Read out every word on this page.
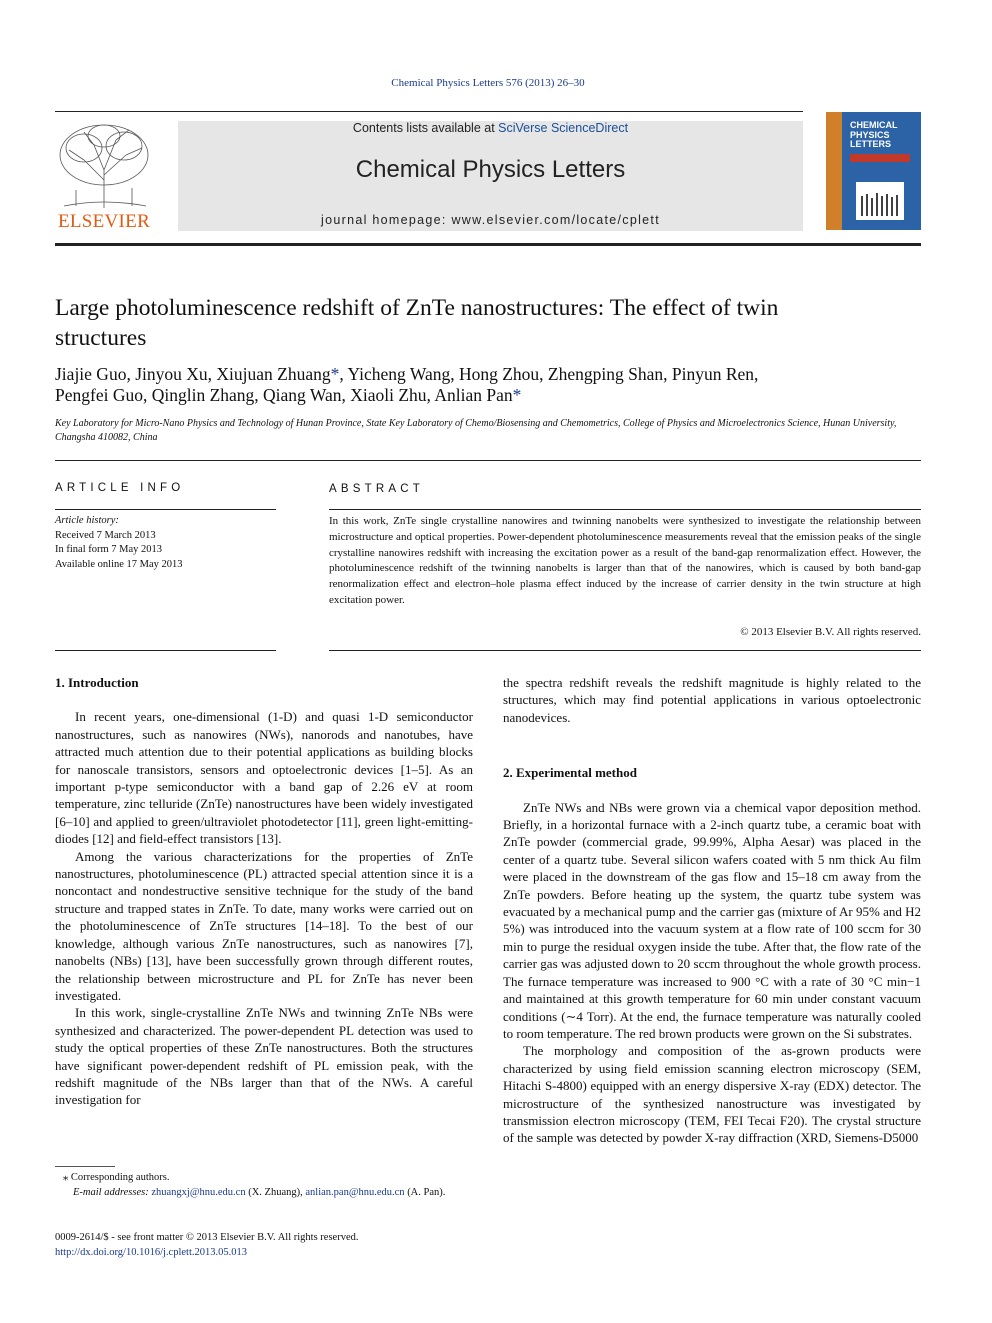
Chemical Physics Letters 576 (2013) 26–30
ELSEVIER
Contents lists available at SciVerse ScienceDirect
Chemical Physics Letters
journal homepage: www.elsevier.com/locate/cplett
CHEMICAL
PHYSICS
LETTERS
Large photoluminescence redshift of ZnTe nanostructures: The effect of twin structures
Jiajie Guo, Jinyou Xu, Xiujuan Zhuang*, Yicheng Wang, Hong Zhou, Zhengping Shan, Pinyun Ren,
Pengfei Guo, Qinglin Zhang, Qiang Wan, Xiaoli Zhu, Anlian Pan*
Key Laboratory for Micro-Nano Physics and Technology of Hunan Province, State Key Laboratory of Chemo/Biosensing and Chemometrics, College of Physics and Microelectronics Science, Hunan University, Changsha 410082, China
ARTICLE INFO
Article history:
Received 7 March 2013
In final form 7 May 2013
Available online 17 May 2013
ABSTRACT
In this work, ZnTe single crystalline nanowires and twinning nanobelts were synthesized to investigate the relationship between microstructure and optical properties. Power-dependent photoluminescence measurements reveal that the emission peaks of the single crystalline nanowires redshift with increasing the excitation power as a result of the band-gap renormalization effect. However, the photoluminescence redshift of the twinning nanobelts is larger than that of the nanowires, which is caused by both band-gap renormalization effect and electron–hole plasma effect induced by the increase of carrier density in the twin structure at high excitation power.
© 2013 Elsevier B.V. All rights reserved.
1. Introduction

In recent years, one-dimensional (1-D) and quasi 1-D semiconductor nanostructures, such as nanowires (NWs), nanorods and nanotubes, have attracted much attention due to their potential applications as building blocks for nanoscale transistors, sensors and optoelectronic devices [1–5]. As an important p-type semiconductor with a band gap of 2.26 eV at room temperature, zinc telluride (ZnTe) nanostructures have been widely investigated [6–10] and applied to green/ultraviolet photodetector [11], green light-emitting-diodes [12] and field-effect transistors [13].

Among the various characterizations for the properties of ZnTe nanostructures, photoluminescence (PL) attracted special attention since it is a noncontact and nondestructive sensitive technique for the study of the band structure and trapped states in ZnTe. To date, many works were carried out on the photoluminescence of ZnTe structures [14–18]. To the best of our knowledge, although various ZnTe nanostructures, such as nanowires [7], nanobelts (NBs) [13], have been successfully grown through different routes, the relationship between microstructure and PL for ZnTe has never been investigated.

In this work, single-crystalline ZnTe NWs and twinning ZnTe NBs were synthesized and characterized. The power-dependent PL detection was used to study the optical properties of these ZnTe nanostructures. Both the structures have significant power-dependent redshift of PL emission peak, with the redshift magnitude of the NBs larger than that of the NWs. A careful investigation for

⁎ Corresponding authors.
E-mail addresses: zhuangxj@hnu.edu.cn (X. Zhuang), anlian.pan@hnu.edu.cn (A. Pan).
0009-2614/$ - see front matter © 2013 Elsevier B.V. All rights reserved.
http://dx.doi.org/10.1016/j.cplett.2013.05.013

the spectra redshift reveals the redshift magnitude is highly related to the structures, which may find potential applications in various optoelectronic nanodevices.

2. Experimental method

ZnTe NWs and NBs were grown via a chemical vapor deposition method. Briefly, in a horizontal furnace with a 2-inch quartz tube, a ceramic boat with ZnTe powder (commercial grade, 99.99%, Alpha Aesar) was placed in the center of a quartz tube. Several silicon wafers coated with 5 nm thick Au film were placed in the downstream of the gas flow and 15–18 cm away from the ZnTe powders. Before heating up the system, the quartz tube system was evacuated by a mechanical pump and the carrier gas (mixture of Ar 95% and H2 5%) was introduced into the vacuum system at a flow rate of 100 sccm for 30 min to purge the residual oxygen inside the tube. After that, the flow rate of the carrier gas was adjusted down to 20 sccm throughout the whole growth process. The furnace temperature was increased to 900 °C with a rate of 30 °C min−1 and maintained at this growth temperature for 60 min under constant vacuum conditions (∼4 Torr). At the end, the furnace temperature was naturally cooled to room temperature. The red brown products were grown on the Si substrates.

The morphology and composition of the as-grown products were characterized by using field emission scanning electron microscopy (SEM, Hitachi S-4800) equipped with an energy dispersive X-ray (EDX) detector. The microstructure of the synthesized nanostructure was investigated by transmission electron microscopy (TEM, FEI Tecai F20). The crystal structure of the sample was detected by powder X-ray diffraction (XRD, Siemens-D5000
